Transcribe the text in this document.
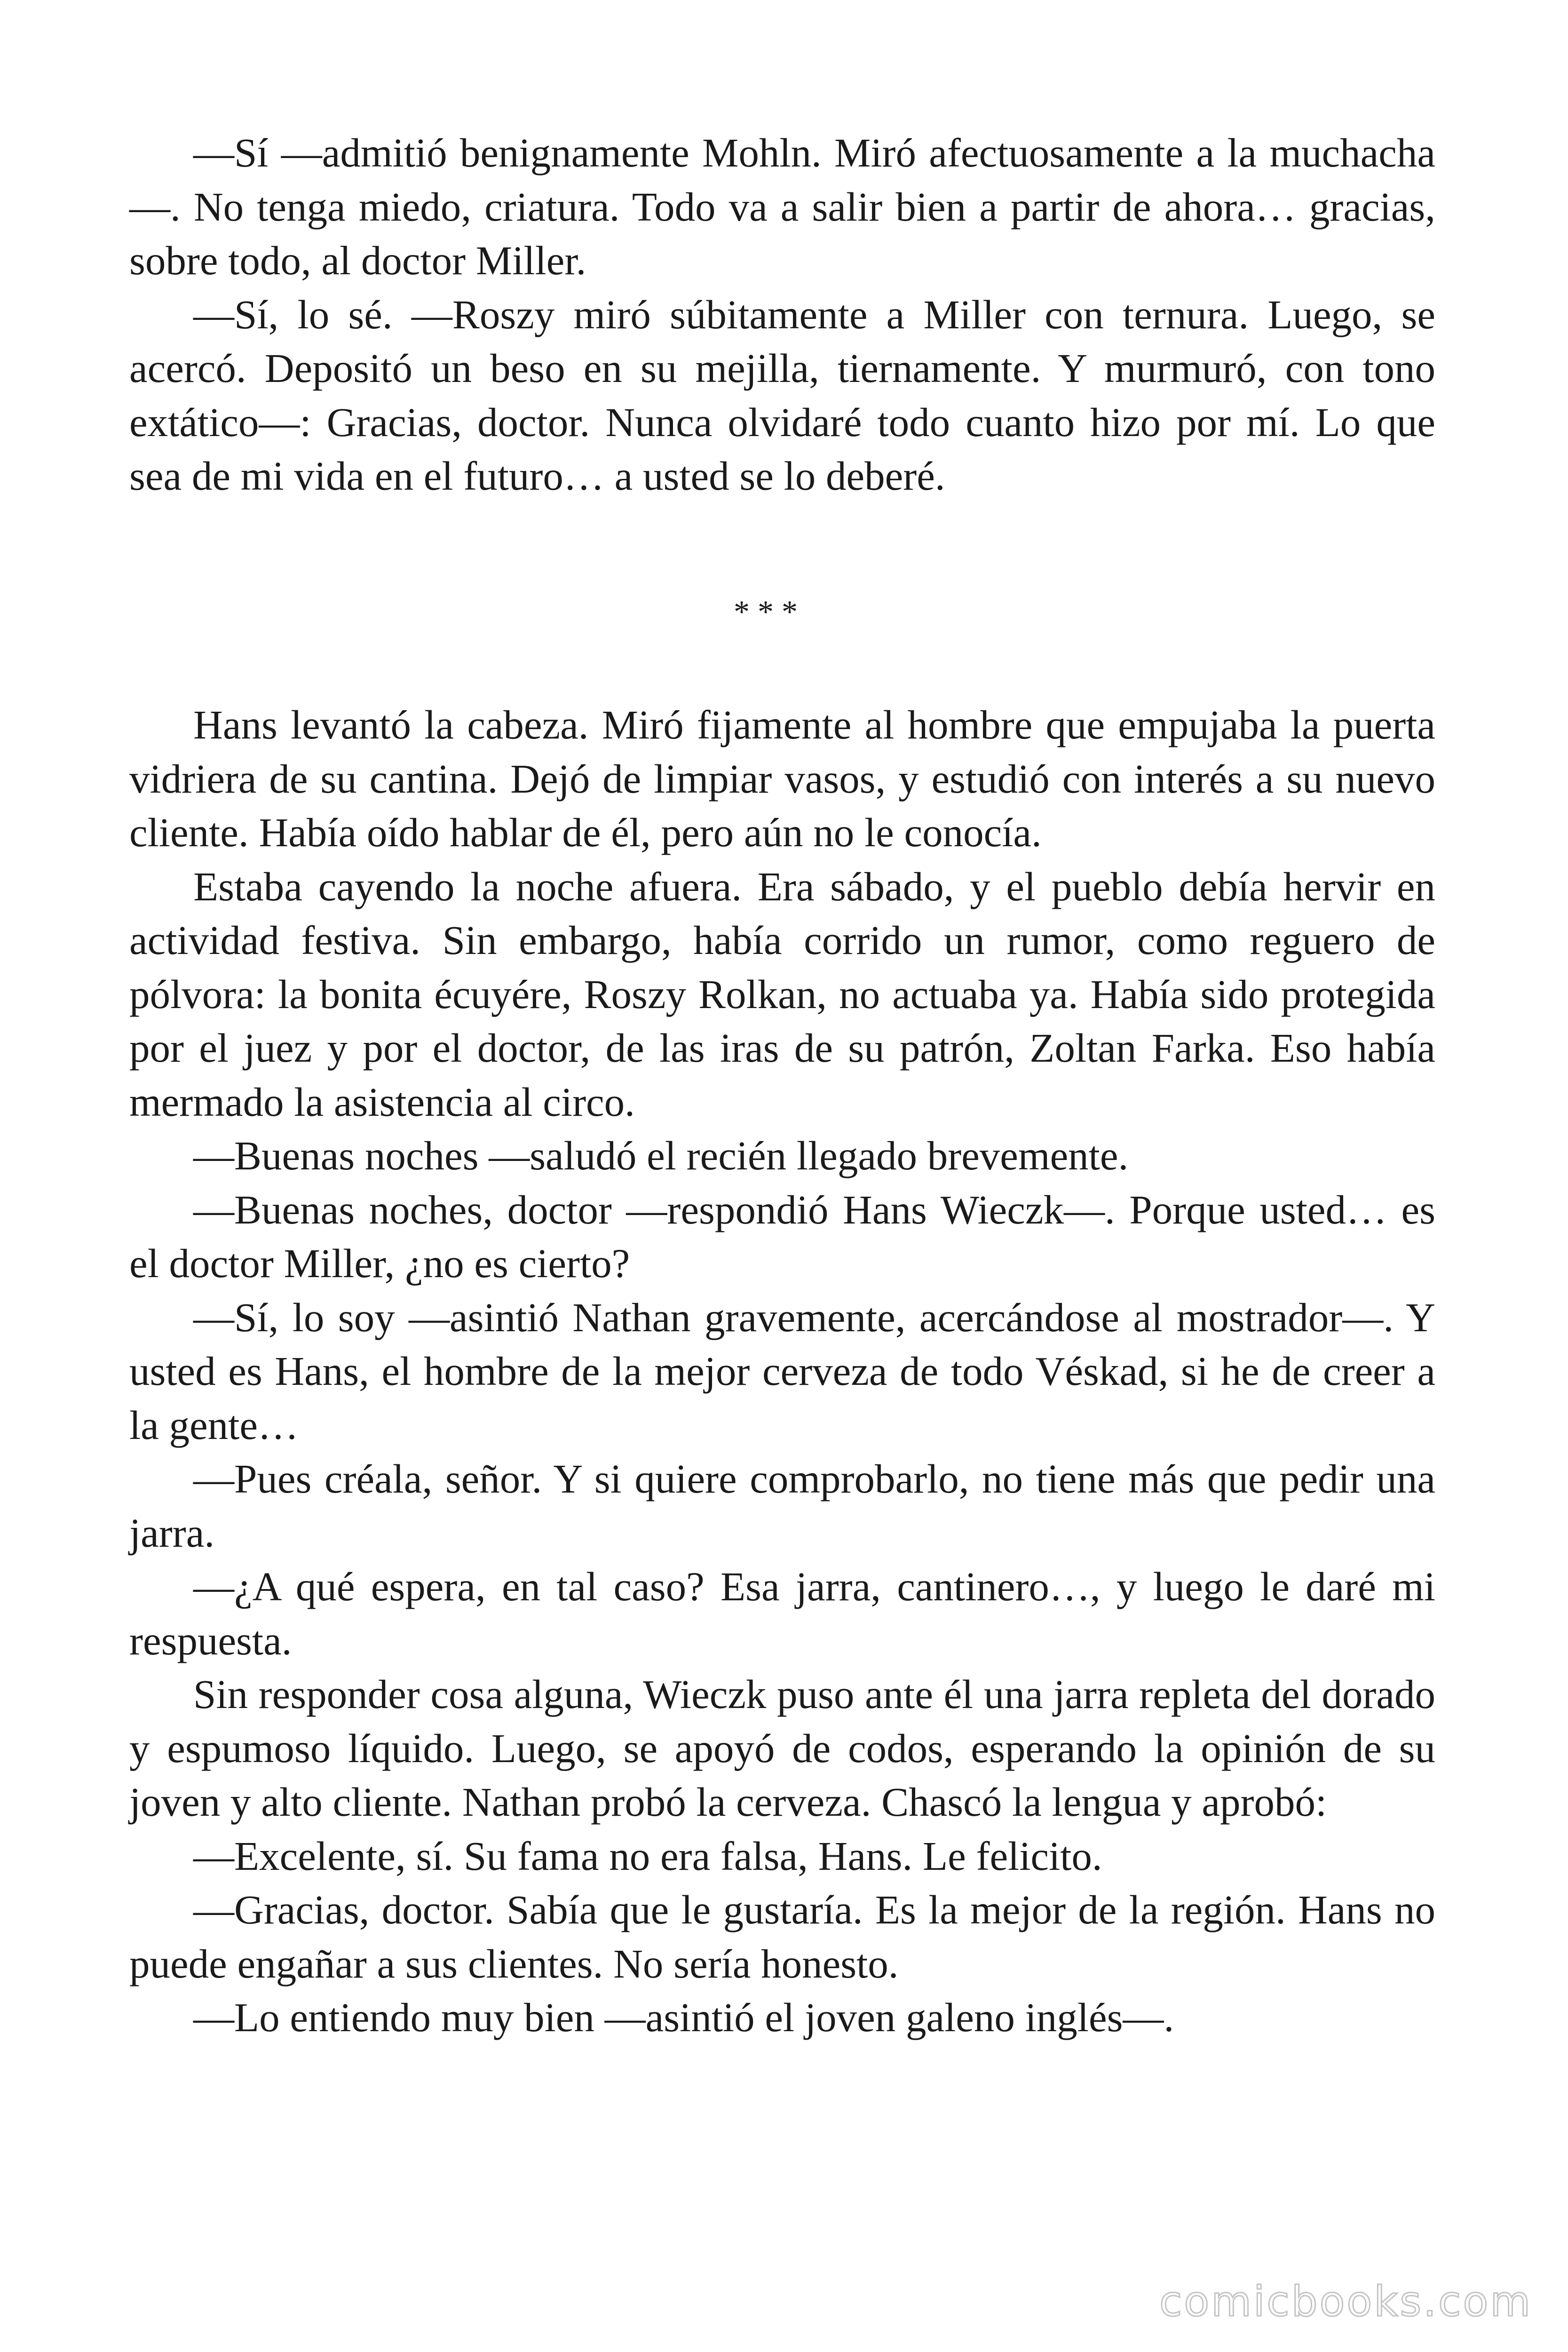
—Sí —admitió benignamente Mohln. Miró afectuosamente a la muchacha—. No tenga miedo, criatura. Todo va a salir bien a partir de ahora… gracias, sobre todo, al doctor Miller.

—Sí, lo sé. —Roszy miró súbitamente a Miller con ternura. Luego, se acercó. Depositó un beso en su mejilla, tiernamente. Y murmuró, con tono extático—: Gracias, doctor. Nunca olvidaré todo cuanto hizo por mí. Lo que sea de mi vida en el futuro… a usted se lo deberé.

* * *

Hans levantó la cabeza. Miró fijamente al hombre que empujaba la puerta vidriera de su cantina. Dejó de limpiar vasos, y estudió con interés a su nuevo cliente. Había oído hablar de él, pero aún no le conocía.

Estaba cayendo la noche afuera. Era sábado, y el pueblo debía hervir en actividad festiva. Sin embargo, había corrido un rumor, como reguero de pólvora: la bonita écuyére, Roszy Rolkan, no actuaba ya. Había sido protegida por el juez y por el doctor, de las iras de su patrón, Zoltan Farka. Eso había mermado la asistencia al circo.

—Buenas noches —saludó el recién llegado brevemente.

—Buenas noches, doctor —respondió Hans Wieczk—. Porque usted… es el doctor Miller, ¿no es cierto?

—Sí, lo soy —asintió Nathan gravemente, acercándose al mostrador—. Y usted es Hans, el hombre de la mejor cerveza de todo Véskad, si he de creer a la gente…

—Pues créala, señor. Y si quiere comprobarlo, no tiene más que pedir una jarra.

—¿A qué espera, en tal caso? Esa jarra, cantinero…, y luego le daré mi respuesta.

Sin responder cosa alguna, Wieczk puso ante él una jarra repleta del dorado y espumoso líquido. Luego, se apoyó de codos, esperando la opinión de su joven y alto cliente. Nathan probó la cerveza. Chascó la lengua y aprobó:

—Excelente, sí. Su fama no era falsa, Hans. Le felicito.

—Gracias, doctor. Sabía que le gustaría. Es la mejor de la región. Hans no puede engañar a sus clientes. No sería honesto.

—Lo entiendo muy bien —asintió el joven galeno inglés—.

comicbooks.com
